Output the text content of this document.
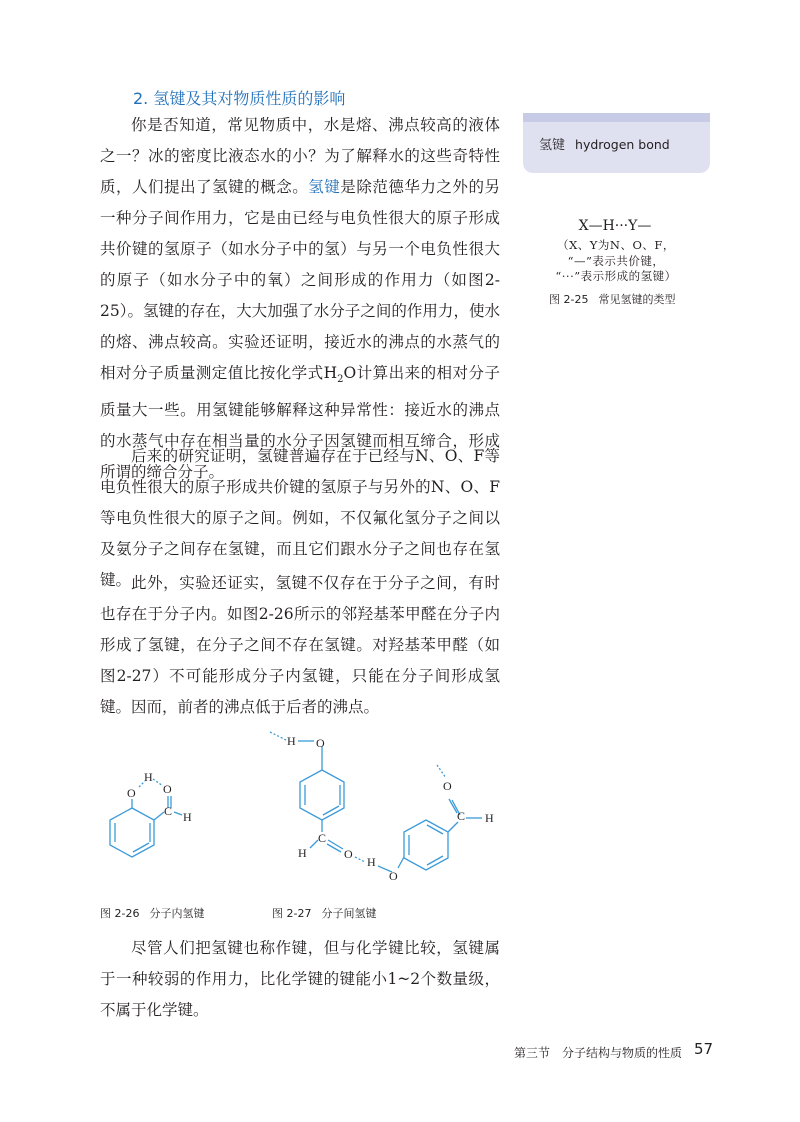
2. 氢键及其对物质性质的影响

你是否知道，常见物质中，水是熔、沸点较高的液体之一？冰的密度比液态水的小？为了解释水的这些奇特性质，人们提出了氢键的概念。氢键是除范德华力之外的另一种分子间作用力，它是由已经与电负性很大的原子形成共价键的氢原子（如水分子中的氢）与另一个电负性很大的原子（如水分子中的氧）之间形成的作用力（如图2-25）。氢键的存在，大大加强了水分子之间的作用力，使水的熔、沸点较高。实验还证明，接近水的沸点的水蒸气的相对分子质量测定值比按化学式$H_2O$计算出来的相对分子质量大一些。用氢键能够解释这种异常性：接近水的沸点的水蒸气中存在相当量的水分子因氢键而相互缔合，形成所谓的缔合分子。

后来的研究证明，氢键普遍存在于已经与N、O、F等电负性很大的原子形成共价键的氢原子与另外的N、O、F等电负性很大的原子之间。例如，不仅氟化氢分子之间以及氨分子之间存在氢键，而且它们跟水分子之间也存在氢键。 此外，实验还证实，氢键不仅存在于分子之间，有时也存在于分子内。如图2-26所示的邻羟基苯甲醛在分子内形成了氢键，在分子之间不存在氢键。对羟基苯甲醛（如图2-27）不可能形成分子内氢键，只能在分子间形成氢键。因而，前者的沸点低于后者的沸点。

尽管人们把氢键也称作键，但与化学键比较，氢键属于一种较弱的作用力，比化学键的键能小1~2个数量级，不属于化学键。

氢键 hydrogen bond
X—H···Y—
（X、Y为N、O、F，
“—”表示共价键，
“···”表示形成的氢键）
图 2-25 常见氢键的类型
O
H
O
C H
H O
C
H	O
H
O
C H
O
图 2-26 分子内氢键	图 2-27 分子间氢键
第三节　分子结构与物质的性质 57
